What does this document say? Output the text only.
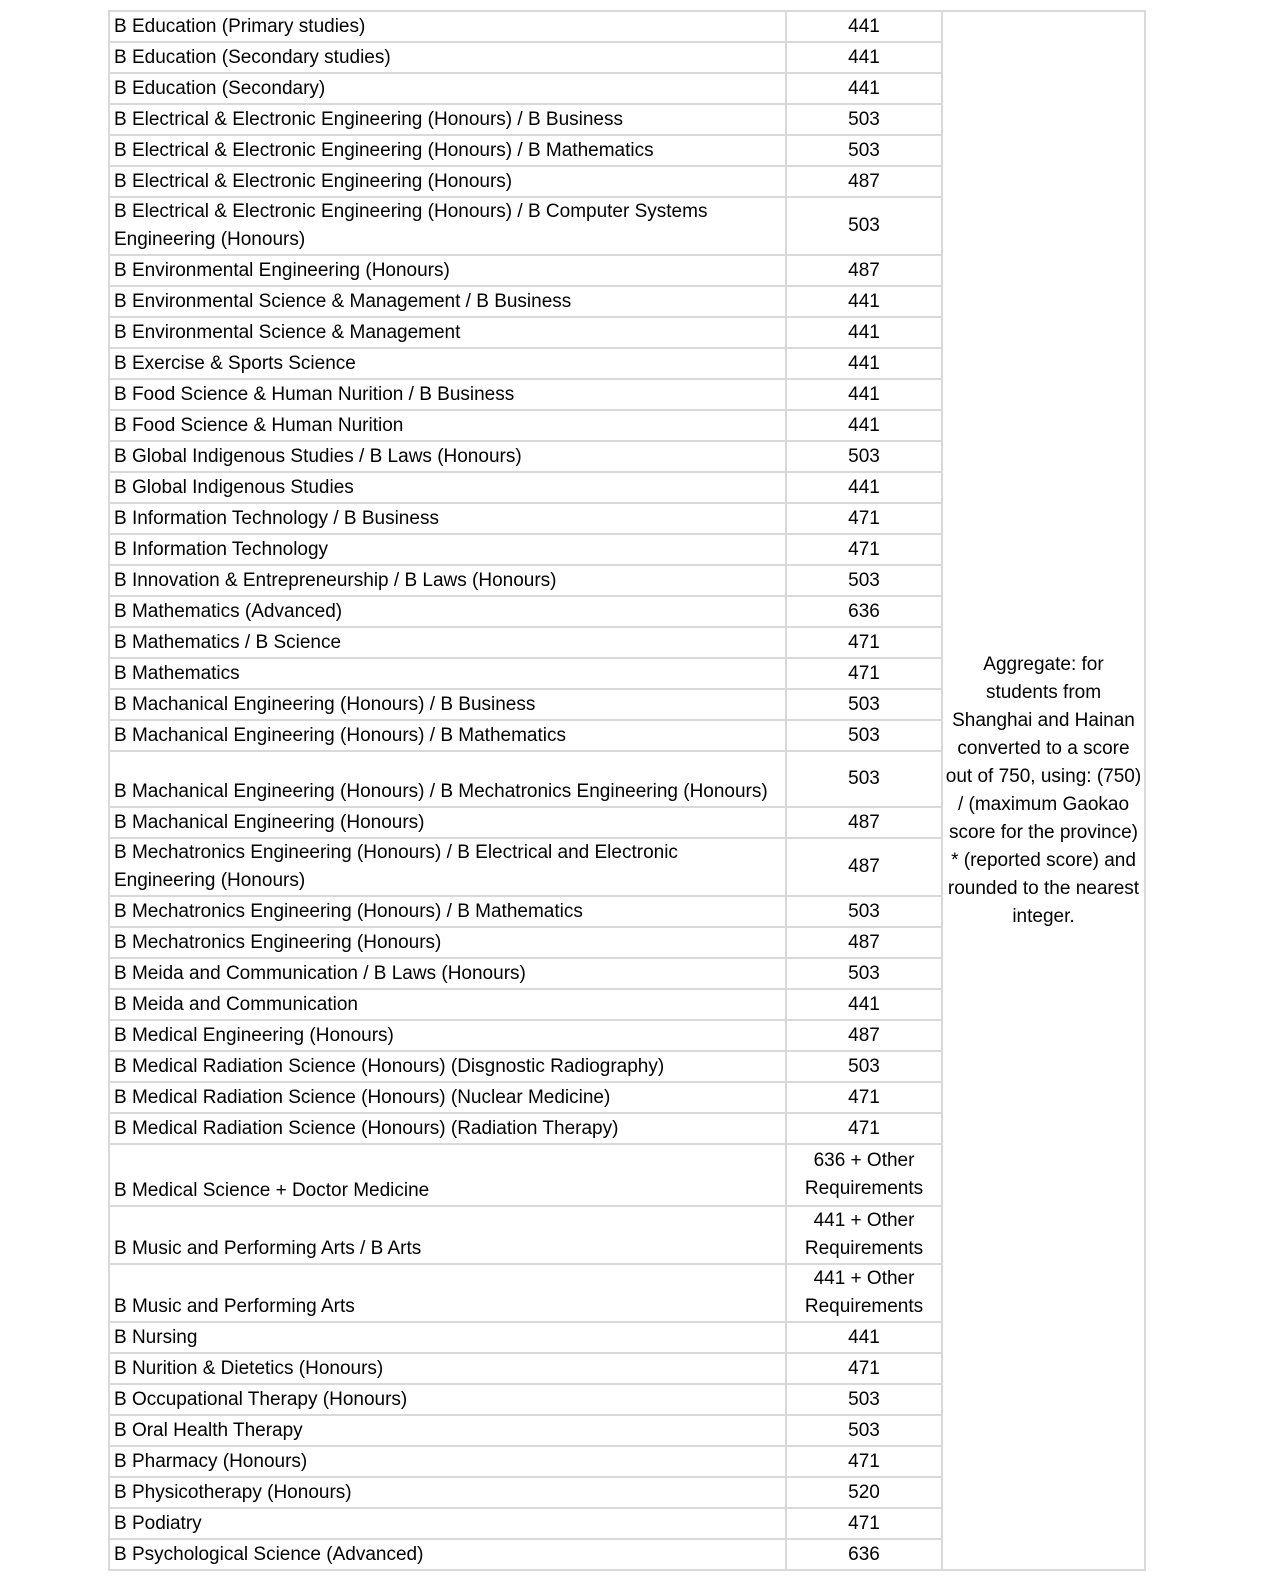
B Education (Primary studies)	441	Aggregate: for students from Shanghai and Hainan converted to a score out of 750, using: (750) / (maximum Gaokao score for the province) * (reported score) and rounded to the nearest integer.
B Education (Secondary studies)	441	
B Education (Secondary)	441	
B Electrical & Electronic Engineering (Honours) / B Business	503	
B Electrical & Electronic Engineering (Honours) / B Mathematics	503	
B Electrical & Electronic Engineering (Honours)	487	
B Electrical & Electronic Engineering (Honours) / B Computer Systems Engineering (Honours)	503	
B Environmental Engineering (Honours)	487	
B Environmental Science & Management / B Business	441	
B Environmental Science & Management	441	
B Exercise & Sports Science	441	
B Food Science & Human Nurition / B Business	441	
B Food Science & Human Nurition	441	
B Global Indigenous Studies / B Laws (Honours)	503	
B Global Indigenous Studies	441	
B Information Technology / B Business	471	
B Information Technology	471	
B Innovation & Entrepreneurship / B Laws (Honours)	503	
B Mathematics (Advanced)	636	
B Mathematics / B Science	471	
B Mathematics	471	
B Machanical Engineering (Honours) / B Business	503	
B Machanical Engineering (Honours) / B Mathematics	503	
B Machanical Engineering (Honours) / B Mechatronics Engineering (Honours)	503	
B Machanical Engineering (Honours)	487	
B Mechatronics Engineering (Honours) / B Electrical and Electronic Engineering (Honours)	487	
B Mechatronics Engineering (Honours) / B Mathematics	503	
B Mechatronics Engineering (Honours)	487	
B Meida and Communication / B Laws (Honours)	503	
B Meida and Communication	441	
B Medical Engineering (Honours)	487	
B Medical Radiation Science (Honours) (Disgnostic Radiography)	503	
B Medical Radiation Science (Honours) (Nuclear Medicine)	471	
B Medical Radiation Science (Honours) (Radiation Therapy)	471	
B Medical Science + Doctor Medicine	636 + Other Requirements	
B Music and Performing Arts / B Arts	441 + Other Requirements	
B Music and Performing Arts	441 + Other Requirements	
B Nursing	441	
B Nurition & Dietetics (Honours)	471	
B Occupational Therapy (Honours)	503	
B Oral Health Therapy	503	
B Pharmacy (Honours)	471	
B Physicotherapy (Honours)	520	
B Podiatry	471	
B Psychological Science (Advanced)	636	
